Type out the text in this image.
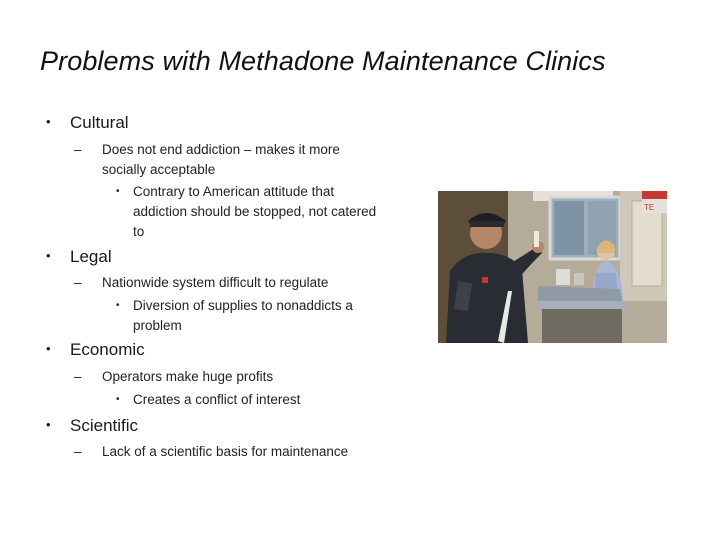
Problems with Methadone Maintenance Clinics
• Cultural
– Does not end addiction – makes it more socially acceptable
• Contrary to American attitude that addiction should be stopped, not catered to
• Legal
– Nationwide system difficult to regulate
• Diversion of supplies to nonaddicts a problem
• Economic
– Operators make huge profits
• Creates a conflict of interest
• Scientific
– Lack of a scientific basis for maintenance
TE
